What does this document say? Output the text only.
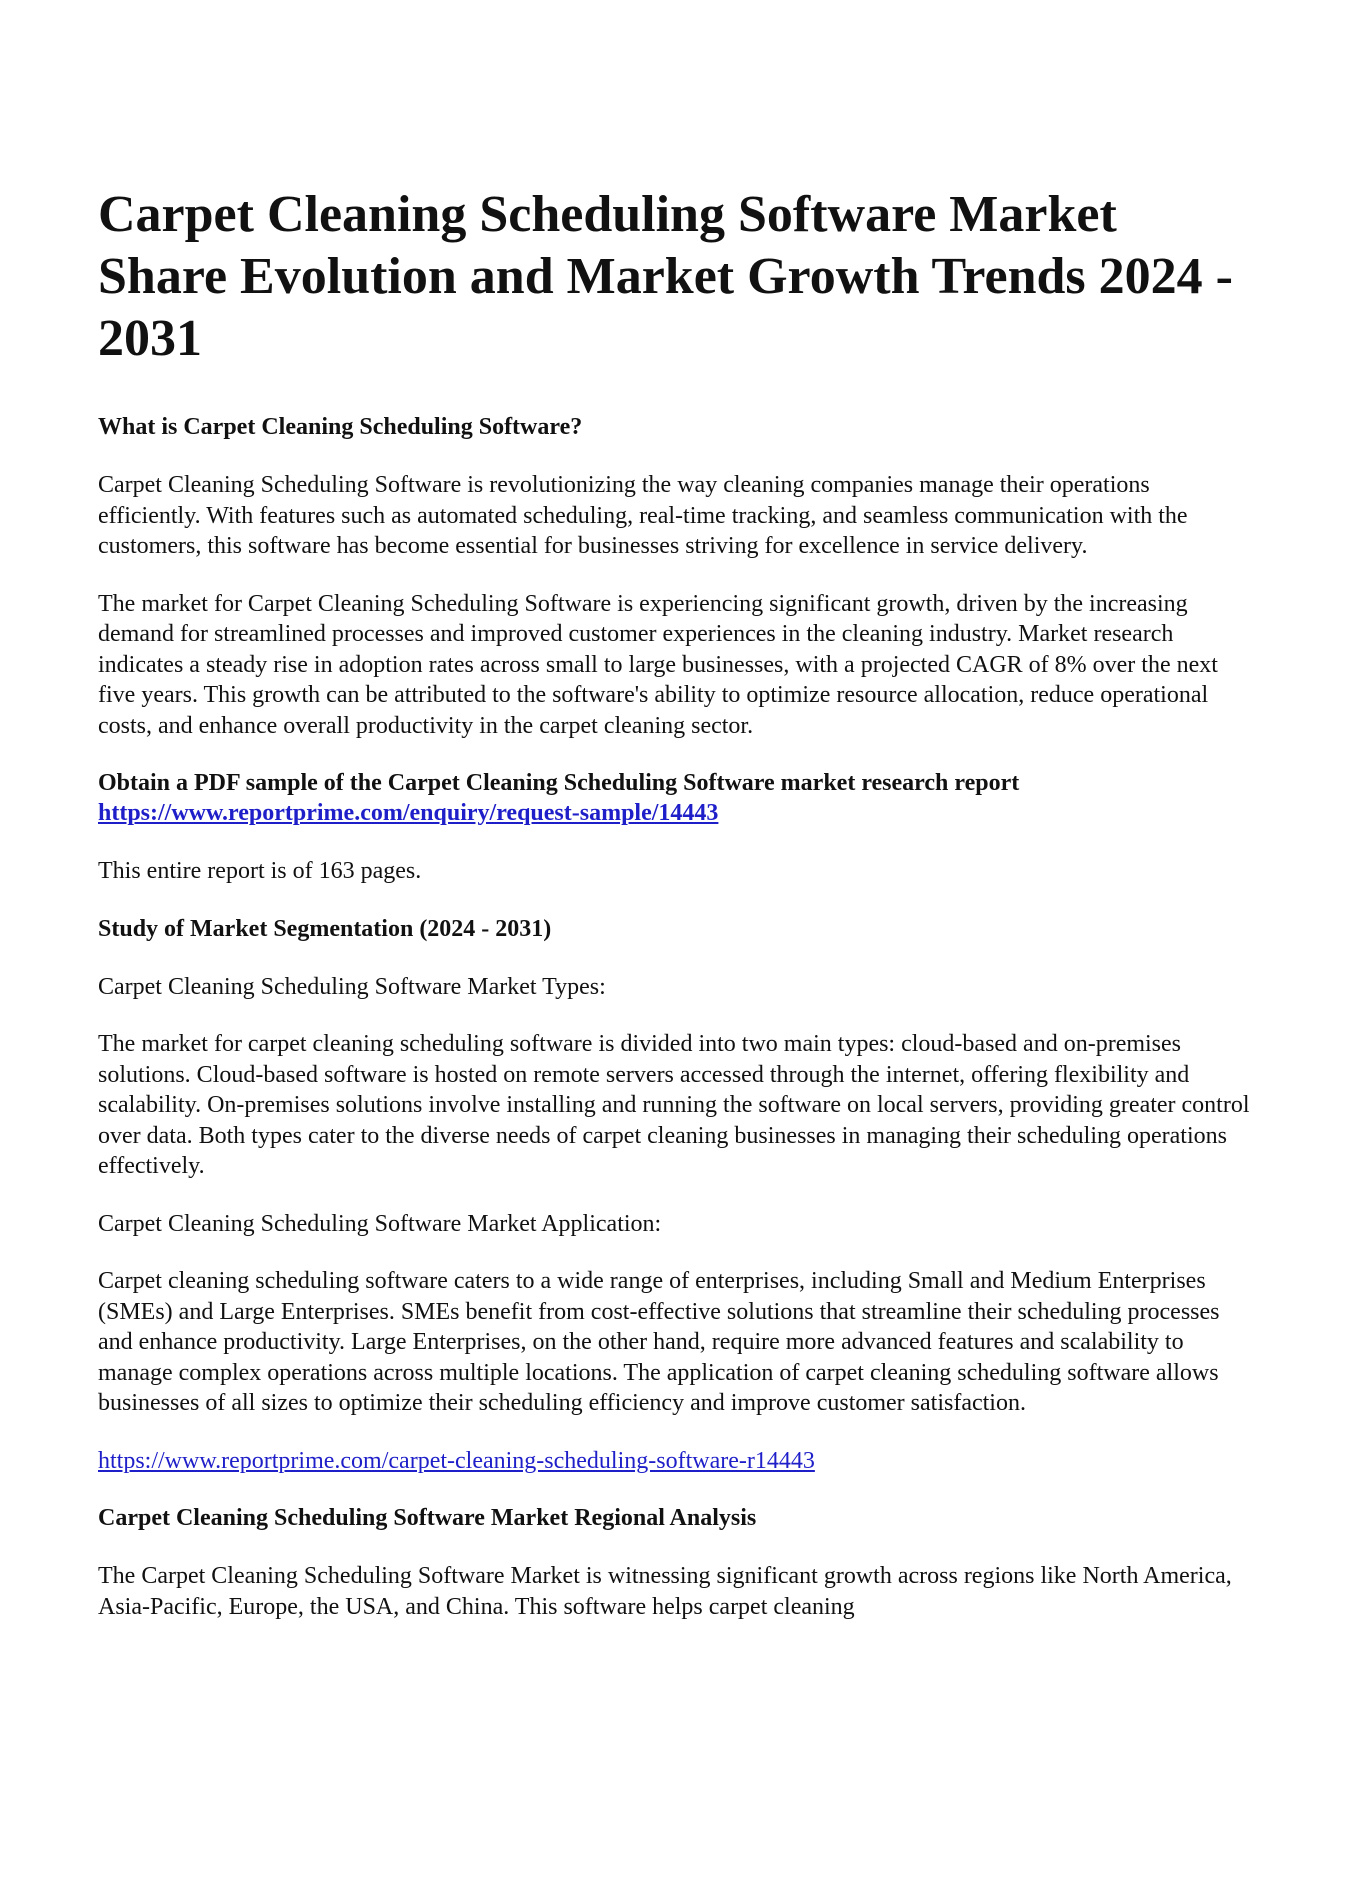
Carpet Cleaning Scheduling Software Market Share Evolution and Market Growth Trends 2024 - 2031
What is Carpet Cleaning Scheduling Software?

Carpet Cleaning Scheduling Software is revolutionizing the way cleaning companies manage their operations efficiently. With features such as automated scheduling, real-time tracking, and seamless communication with the customers, this software has become essential for businesses striving for excellence in service delivery.

The market for Carpet Cleaning Scheduling Software is experiencing significant growth, driven by the increasing demand for streamlined processes and improved customer experiences in the cleaning industry. Market research indicates a steady rise in adoption rates across small to large businesses, with a projected CAGR of 8% over the next five years. This growth can be attributed to the software's ability to optimize resource allocation, reduce operational costs, and enhance overall productivity in the carpet cleaning sector.

Obtain a PDF sample of the Carpet Cleaning Scheduling Software market research report https://www.reportprime.com/enquiry/request-sample/14443

This entire report is of 163 pages.

Study of Market Segmentation (2024 - 2031)

Carpet Cleaning Scheduling Software Market Types:

The market for carpet cleaning scheduling software is divided into two main types: cloud-based and on-premises solutions. Cloud-based software is hosted on remote servers accessed through the internet, offering flexibility and scalability. On-premises solutions involve installing and running the software on local servers, providing greater control over data. Both types cater to the diverse needs of carpet cleaning businesses in managing their scheduling operations effectively.

Carpet Cleaning Scheduling Software Market Application:

Carpet cleaning scheduling software caters to a wide range of enterprises, including Small and Medium Enterprises (SMEs) and Large Enterprises. SMEs benefit from cost-effective solutions that streamline their scheduling processes and enhance productivity. Large Enterprises, on the other hand, require more advanced features and scalability to manage complex operations across multiple locations. The application of carpet cleaning scheduling software allows businesses of all sizes to optimize their scheduling efficiency and improve customer satisfaction.

https://www.reportprime.com/carpet-cleaning-scheduling-software-r14443

Carpet Cleaning Scheduling Software Market Regional Analysis

The Carpet Cleaning Scheduling Software Market is witnessing significant growth across regions like North America, Asia-Pacific, Europe, the USA, and China. This software helps carpet cleaning
